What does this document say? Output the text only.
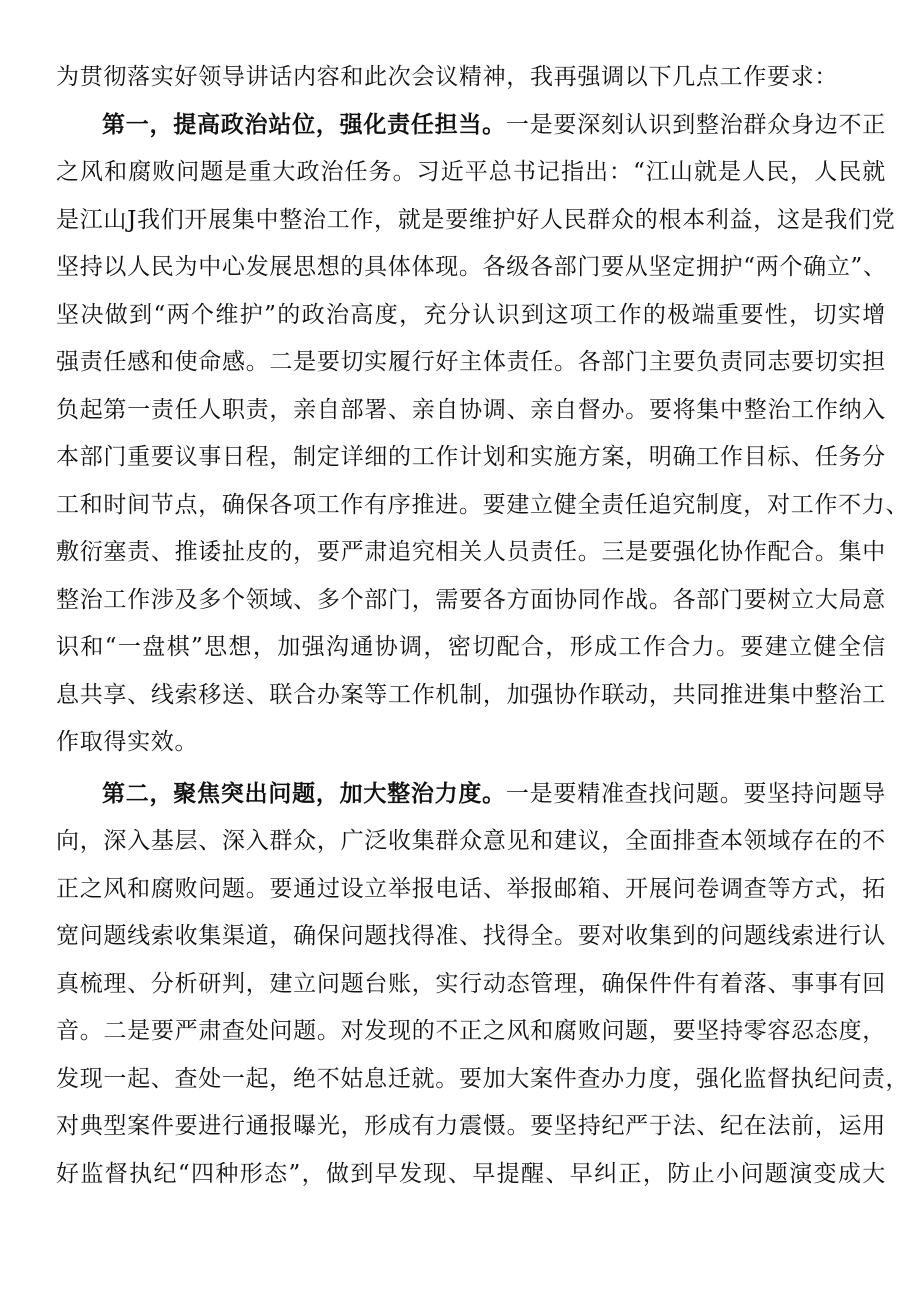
为贯彻落实好领导讲话内容和此次会议精神，我再强调以下几点工作要求：
第一，提高政治站位，强化责任担当。一是要深刻认识到整治群众身边不正
之风和腐败问题是重大政治任务。习近平总书记指出：“江山就是人民，人民就
是江山J我们开展集中整治工作，就是要维护好人民群众的根本利益，这是我们党
坚持以人民为中心发展思想的具体体现。各级各部门要从坚定拥护“两个确立”、
坚决做到“两个维护”的政治高度，充分认识到这项工作的极端重要性，切实增
强责任感和使命感。二是要切实履行好主体责任。各部门主要负责同志要切实担
负起第一责任人职责，亲自部署、亲自协调、亲自督办。要将集中整治工作纳入
本部门重要议事日程，制定详细的工作计划和实施方案，明确工作目标、任务分
工和时间节点，确保各项工作有序推进。要建立健全责任追究制度，对工作不力、
敷衍塞责、推诿扯皮的，要严肃追究相关人员责任。三是要强化协作配合。集中
整治工作涉及多个领域、多个部门，需要各方面协同作战。各部门要树立大局意
识和“一盘棋”思想，加强沟通协调，密切配合，形成工作合力。要建立健全信
息共享、线索移送、联合办案等工作机制，加强协作联动，共同推进集中整治工
作取得实效。
第二，聚焦突出问题，加大整治力度。一是要精准查找问题。要坚持问题导
向，深入基层、深入群众，广泛收集群众意见和建议，全面排查本领域存在的不
正之风和腐败问题。要通过设立举报电话、举报邮箱、开展问卷调查等方式，拓
宽问题线索收集渠道，确保问题找得准、找得全。要对收集到的问题线索进行认
真梳理、分析研判，建立问题台账，实行动态管理，确保件件有着落、事事有回
音。二是要严肃查处问题。对发现的不正之风和腐败问题，要坚持零容忍态度，
发现一起、查处一起，绝不姑息迁就。要加大案件查办力度，强化监督执纪问责，
对典型案件要进行通报曝光，形成有力震慑。要坚持纪严于法、纪在法前，运用
好监督执纪“四种形态”，做到早发现、早提醒、早纠正，防止小问题演变成大
